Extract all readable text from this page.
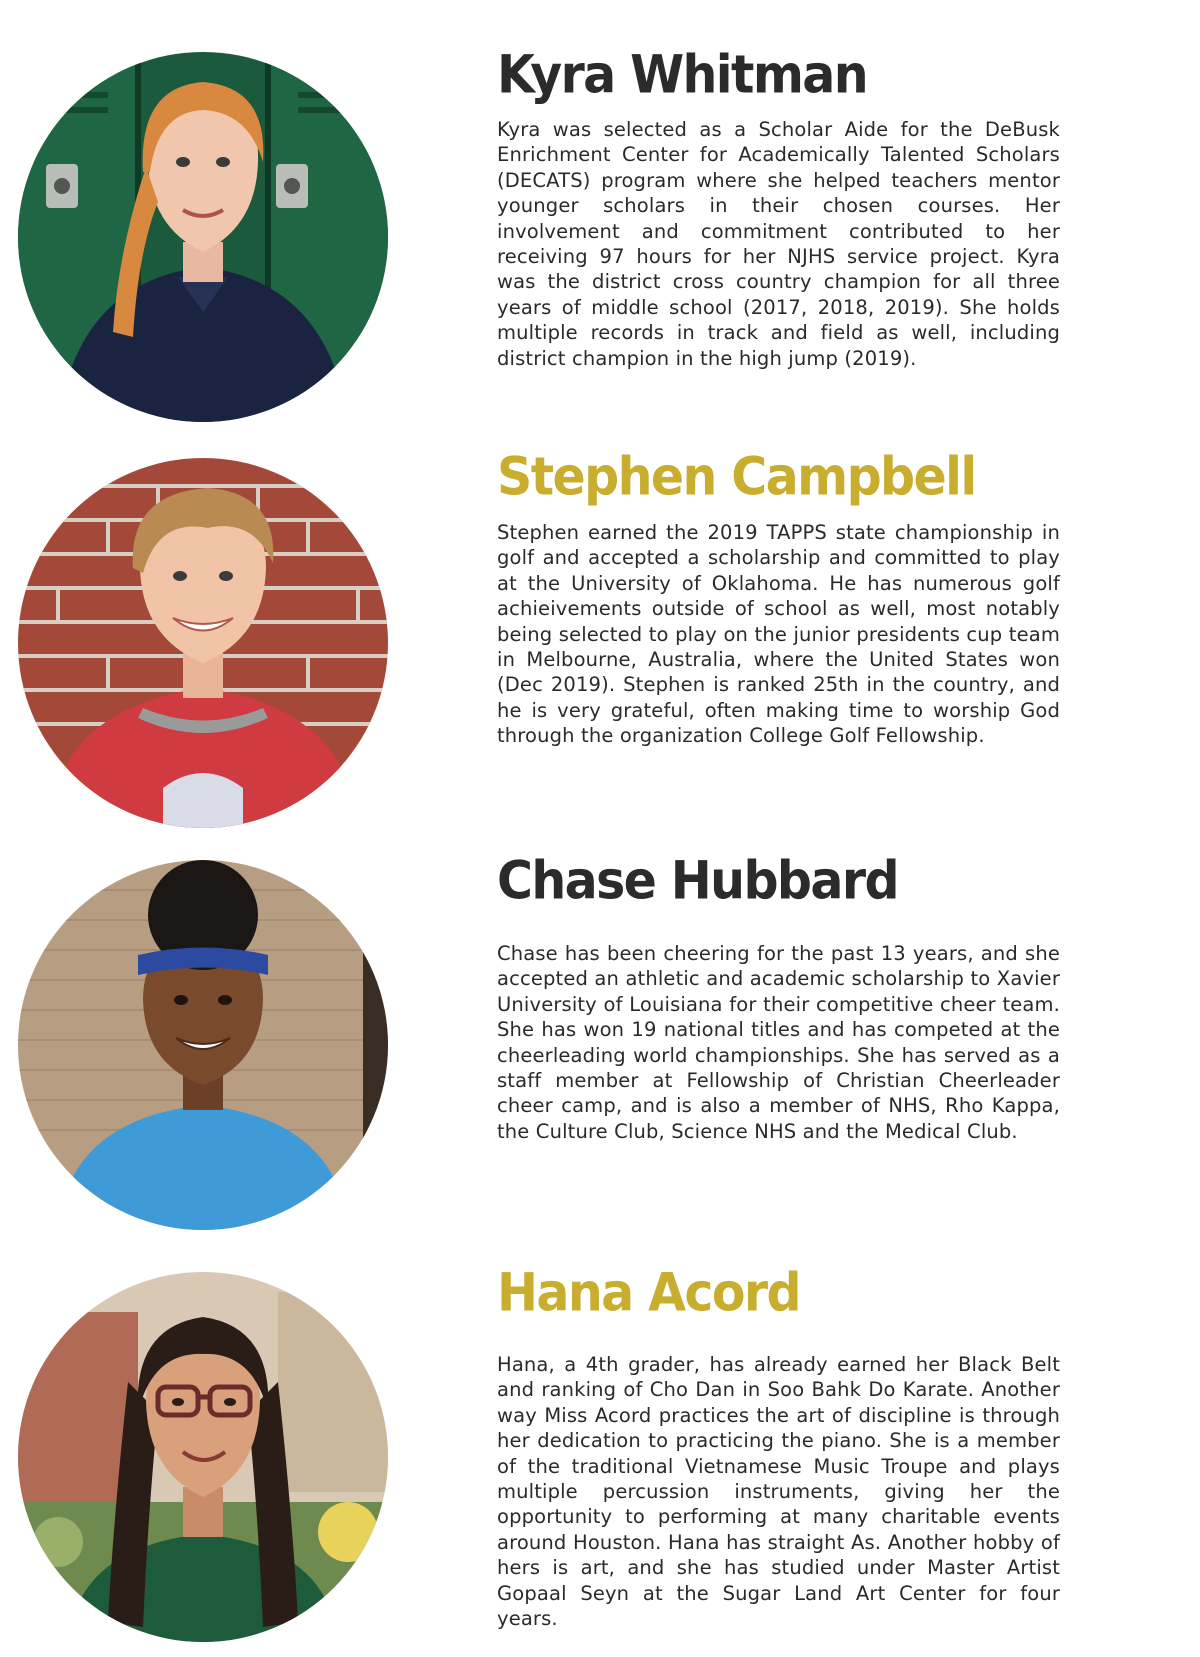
Kyra Whitman

Kyra was selected as a Scholar Aide for the DeBusk Enrichment Center for Academically Talented Scholars (DECATS) program where she helped teachers mentor younger scholars in their chosen courses. Her involvement and commitment contributed to her receiving 97 hours for her NJHS service project. Kyra was the district cross country champion for all three years of middle school (2017, 2018, 2019). She holds multiple records in track and field as well, including district champion in the high jump (2019).

Stephen Campbell

Stephen earned the 2019 TAPPS state championship in golf and accepted a scholarship and committed to play at the University of Oklahoma. He has numerous golf achieivements outside of school as well, most notably being selected to play on the junior presidents cup team in Melbourne, Australia, where the United States won (Dec 2019). Stephen is ranked 25th in the country, and he is very grateful, often making time to worship God through the organization College Golf Fellowship.

Chase Hubbard

Chase has been cheering for the past 13 years, and she accepted an athletic and academic scholarship to Xavier University of Louisiana for their competitive cheer team. She has won 19 national titles and has competed at the cheerleading world championships. She has served as a staff member at Fellowship of Christian Cheerleader cheer camp, and is also a member of NHS, Rho Kappa, the Culture Club, Science NHS and the Medical Club.

Hana Acord

Hana, a 4th grader, has already earned her Black Belt and ranking of Cho Dan in Soo Bahk Do Karate. Another way Miss Acord practices the art of discipline is through her dedication to practicing the piano. She is a member of the traditional Vietnamese Music Troupe and plays multiple percussion instruments, giving her the opportunity to performing at many charitable events around Houston. Hana has straight As. Another hobby of hers is art, and she has studied under Master Artist Gopaal Seyn at the Sugar Land Art Center for four years.
